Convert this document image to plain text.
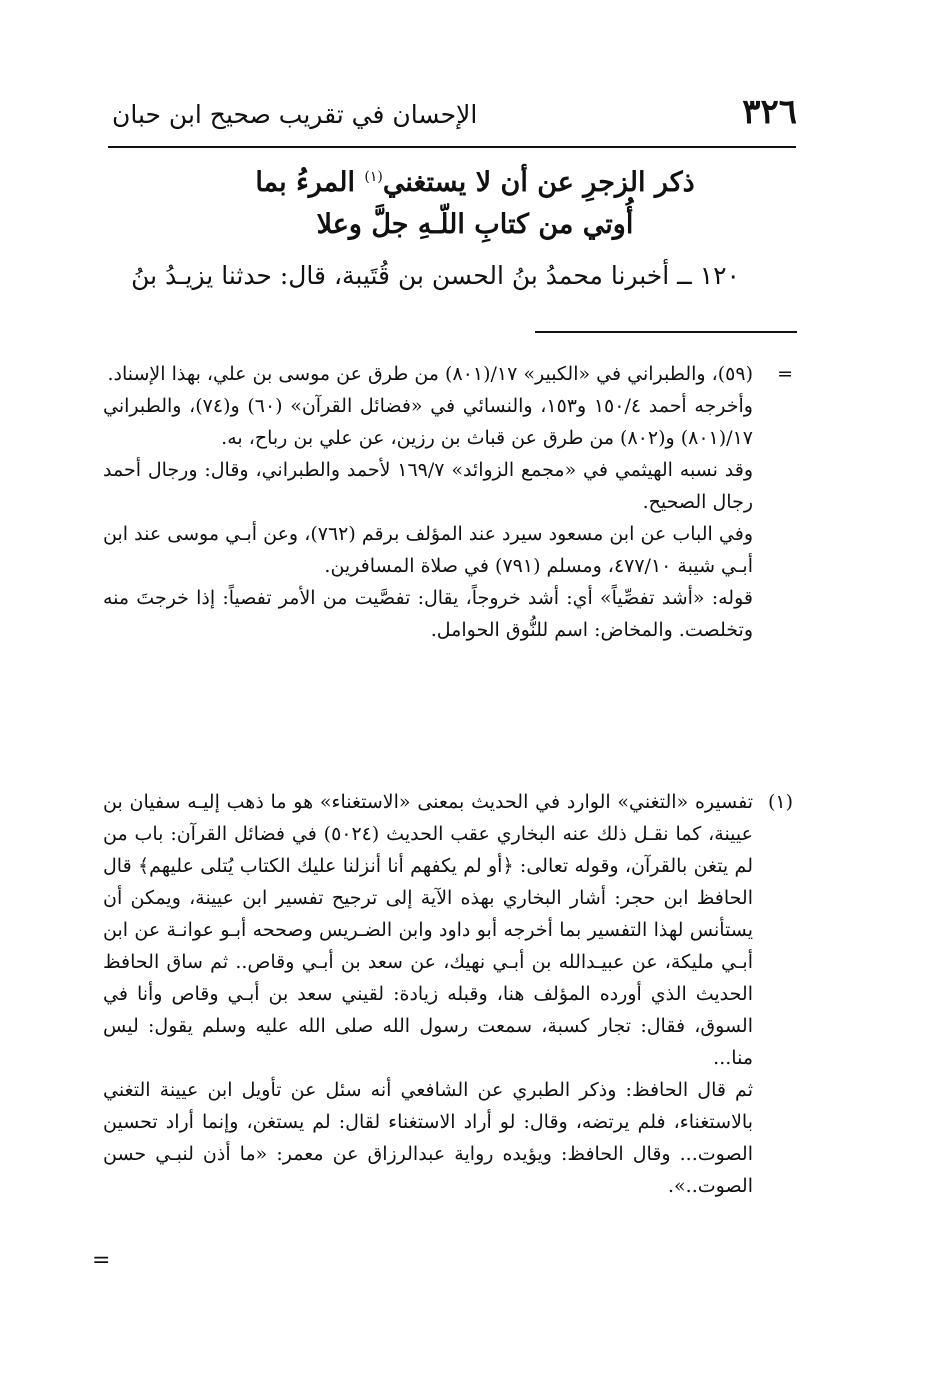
٣٢٦
الإحسان في تقريب صحيح ابن حبان
ذكر الزجرِ عن أن لا يستغني$^{(١)}$ المرءُ بما
أُوتي من كتابِ اللّـهِ جلَّ وعلا
١٢٠ ــ أخبرنا محمدُ بنُ الحسن بن قُتَيبة، قال: حدثنا يزيـدُ بنُ
=

(٥٩)، والطبراني في «الكبير» ١٧/(٨٠١) من طرق عن موسى بن علي، بهذا الإسناد.

وأخرجه أحمد ١٥٠/٤ و١٥٣، والنسائي في «فضائل القرآن» (٦٠) و(٧٤)، والطبراني ١٧/(٨٠١) و(٨٠٢) من طرق عن قباث بن رزين، عن علي بن رباح، به.

وقد نسبه الهيثمي في «مجمع الزوائد» ١٦٩/٧ لأحمد والطبراني، وقال: ورجال أحمد رجال الصحيح.

وفي الباب عن ابن مسعود سيرد عند المؤلف برقم (٧٦٢)، وعن أبـي موسى عند ابن أبـي شيبة ٤٧٧/١٠، ومسلم (٧٩١) في صلاة المسافرين.

قوله: «أشد تفصِّياً» أي: أشد خروجاً، يقال: تفصَّيت من الأمر تفصياً: إذا خرجتَ منه وتخلصت. والمخاض: اسم للنُّوق الحوامل.

(١)

تفسيره «التغني» الوارد في الحديث بمعنى «الاستغناء» هو ما ذهب إليـه سفيان بن عيينة، كما نقـل ذلك عنه البخاري عقب الحديث (٥٠٢٤) في فضائل القرآن: باب من لم يتغن بالقرآن، وقوله تعالى: ﴿أو لم يكفهم أنا أنزلنا عليك الكتاب يُتلى عليهم﴾ قال الحافظ ابن حجر: أشار البخاري بهذه الآية إلى ترجيح تفسير ابن عيينة، ويمكن أن يستأنس لهذا التفسير بما أخرجه أبو داود وابن الضـريس وصححه أبـو عوانـة عن ابن أبـي مليكة، عن عبيـدالله بن أبـي نهيك، عن سعد بن أبـي وقاص.. ثم ساق الحافظ الحديث الذي أورده المؤلف هنا، وقبله زيادة: لقيني سعد بن أبـي وقاص وأنا في السوق، فقال: تجار كسبة، سمعت رسول الله صلى الله عليه وسلم يقول: ليس منا...

ثم قال الحافظ: وذكر الطبري عن الشافعي أنه سئل عن تأويل ابن عيينة التغني بالاستغناء، فلم يرتضه، وقال: لو أراد الاستغناء لقال: لم يستغن، وإنما أراد تحسين الصوت... وقال الحافظ: ويؤيده رواية عبدالرزاق عن معمر: «ما أذن لنبـي حسن الصوت..».

=
